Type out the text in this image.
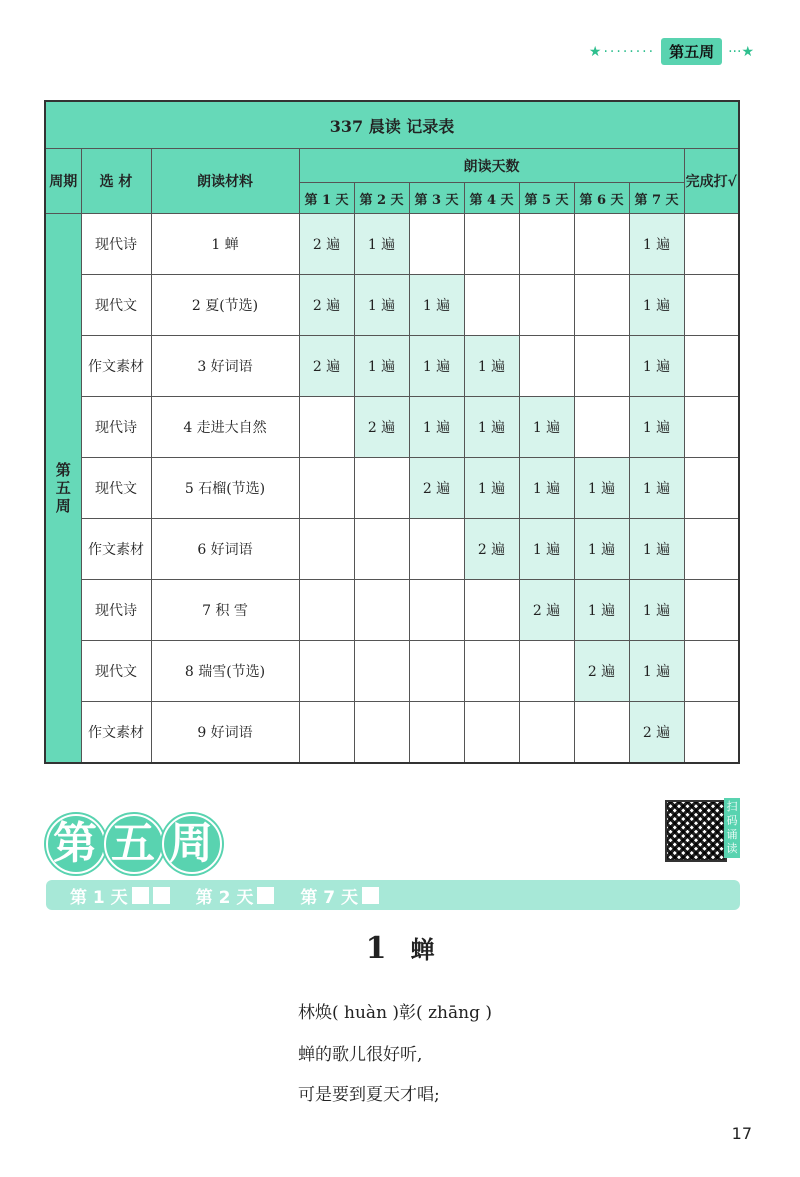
★········ 第五周	···★
337 晨读 记录表										
周期	选 材	朗读材料	朗读天数							完成打√
			第 1 天	第 2 天	第 3 天	第 4 天	第 5 天	第 6 天	第 7 天	

第
五
周	现代诗	1 蝉	2 遍	1 遍					1 遍	
	现代文	2 夏(节选)	2 遍	1 遍	1 遍				1 遍	
	作文素材	3 好词语	2 遍	1 遍	1 遍	1 遍			1 遍	
	现代诗	4 走进大自然		2 遍	1 遍	1 遍	1 遍		1 遍	
	现代文	5 石榴(节选)			2 遍	1 遍	1 遍	1 遍	1 遍	
	作文素材	6 好词语				2 遍	1 遍	1 遍	1 遍	
	现代诗	7 积 雪					2 遍	1 遍	1 遍	
	现代文	8 瑞雪(节选)						2 遍	1 遍	
	作文素材	9 好词语							2 遍	
第 五 周
扫码诵读
第 1 天	第 2 天	第 7 天
1 蝉
林焕( huàn )彰( zhāng )
蝉的歌儿很好听,
可是要到夏天才唱;
17
